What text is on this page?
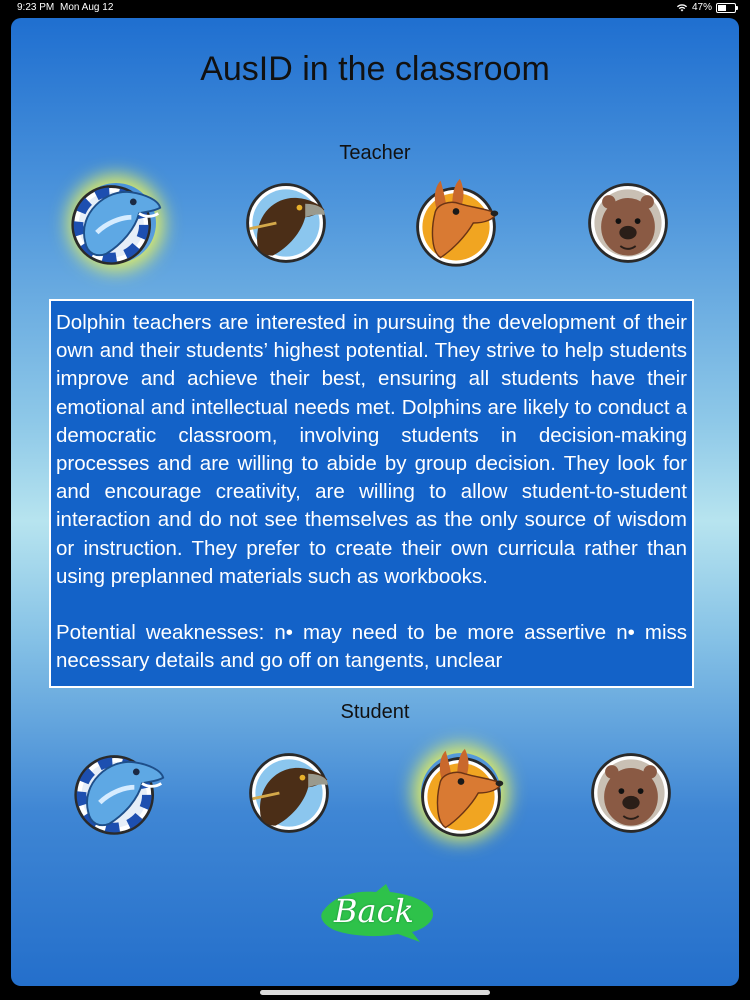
9:23 PM Mon Aug 12	47%
AusID in the classroom
Teacher

Dolphin teachers are interested in pursuing the development of their own and their students’ highest potential. They strive to help students improve and achieve their best, ensuring all students have their emotional and intellectual needs met. Dolphins are likely to conduct a democratic classroom, involving students in decision-making processes and are willing to abide by group decision. They look for and encourage creativity, are willing to allow student-to-student interaction and do not see themselves as the only source of wisdom or instruction. They prefer to create their own curricula rather than using preplanned materials such as workbooks.

Potential weaknesses: n• may need to be more assertive n• miss necessary details and go off on tangents, unclear

Student
Back
